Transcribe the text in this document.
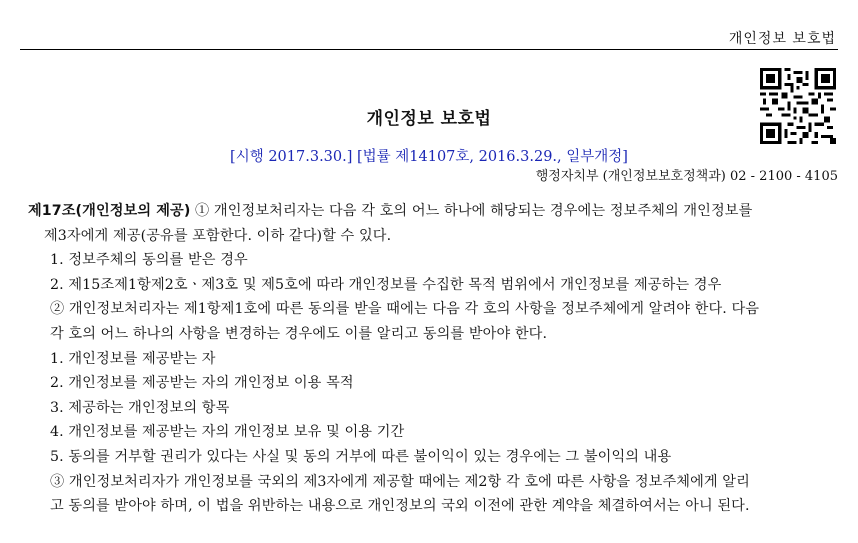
개인정보 보호법
개인정보 보호법
[시행 2017.3.30.] [법률 제14107호, 2016.3.29., 일부개정]
행정자치부 (개인정보보호정책과) 02 - 2100 - 4105
제17조(개인정보의 제공) ① 개인정보처리자는 다음 각 호의 어느 하나에 해당되는 경우에는 정보주체의 개인정보를
제3자에게 제공(공유를 포함한다. 이하 같다)할 수 있다.
1. 정보주체의 동의를 받은 경우
2. 제15조제1항제2호ㆍ제3호 및 제5호에 따라 개인정보를 수집한 목적 범위에서 개인정보를 제공하는 경우
② 개인정보처리자는 제1항제1호에 따른 동의를 받을 때에는 다음 각 호의 사항을 정보주체에게 알려야 한다. 다음
각 호의 어느 하나의 사항을 변경하는 경우에도 이를 알리고 동의를 받아야 한다.
1. 개인정보를 제공받는 자
2. 개인정보를 제공받는 자의 개인정보 이용 목적
3. 제공하는 개인정보의 항목
4. 개인정보를 제공받는 자의 개인정보 보유 및 이용 기간
5. 동의를 거부할 권리가 있다는 사실 및 동의 거부에 따른 불이익이 있는 경우에는 그 불이익의 내용
③ 개인정보처리자가 개인정보를 국외의 제3자에게 제공할 때에는 제2항 각 호에 따른 사항을 정보주체에게 알리
고 동의를 받아야 하며, 이 법을 위반하는 내용으로 개인정보의 국외 이전에 관한 계약을 체결하여서는 아니 된다.
